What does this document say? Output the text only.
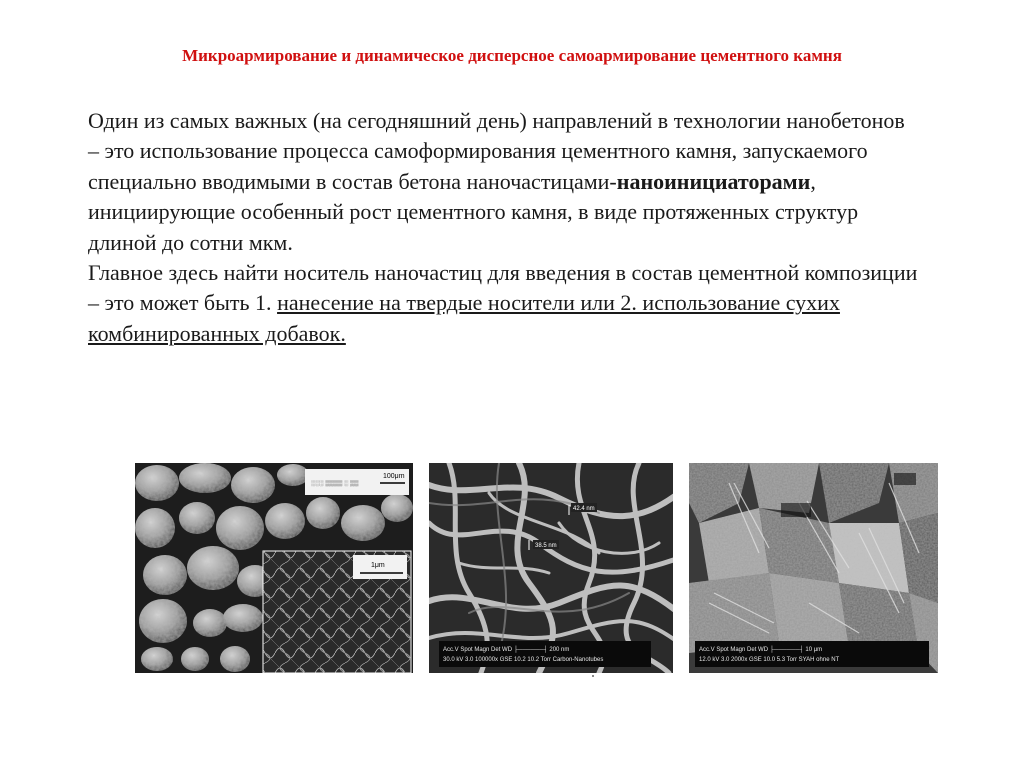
Микроармирование и динамическое дисперсное самоармирование цементного камня

Один из самых важных (на сегодняшний день) направлений в технологии нанобетонов – это использование процесса самоформирования цементного камня, запускаемого специально вводимыми в состав бетона наночастицами-наноинициаторами, инициирующие особенный рост цементного камня, в виде протяженных структур длиной до сотни мкм.

Главное здесь найти носитель наночастиц для введения в состав цементной композиции – это может быть 1. нанесение на твердые носители или 2. использование сухих комбинированных добавок.

░░░ ▒▒▒▒ ░ ▒▒
100μm
1μm
42.4 nm
38.5 nm
Acc.V Spot Magn Det WD ├──────┤ 200 nm
30.0 kV 3.0 100000x GSE 10.2 10.2 Torr Carbon-Nanotubes
Acc.V Spot Magn Det WD ├──────┤ 10 μm
12.0 kV 3.0 2000x GSE 10.0 5.3 Torr SYAH ohne NT
